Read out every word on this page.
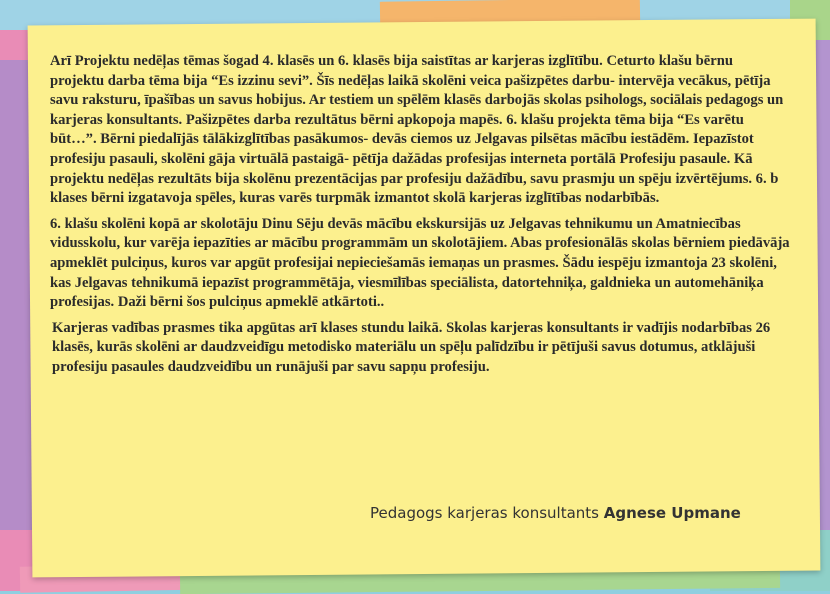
Arī Projektu nedēļas tēmas šogad 4. klasēs un 6. klasēs bija saistītas ar karjeras izglītību. Ceturto klašu bērnu projektu darba tēma bija “Es izzinu sevi”. Šīs nedēļas laikā skolēni veica pašizpētes darbu- intervēja vecākus, pētīja savu raksturu, īpašības un savus hobijus. Ar testiem un spēlēm klasēs darbojās skolas psihologs, sociālais pedagogs un karjeras konsultants. Pašizpētes darba rezultātus bērni apkopoja mapēs. 6. klašu projekta tēma bija “Es varētu būt…”. Bērni piedalījās tālākizglītības pasākumos- devās ciemos uz Jelgavas pilsētas mācību iestādēm. Iepazīstot profesiju pasauli, skolēni gāja virtuālā pastaigā- pētīja dažādas profesijas interneta portālā Profesiju pasaule. Kā projektu nedēļas rezultāts bija skolēnu prezentācijas par profesiju dažādību, savu prasmju un spēju izvērtējums. 6. b klases bērni izgatavoja spēles, kuras varēs turpmāk izmantot skolā karjeras izglītības nodarbībās.

6. klašu skolēni kopā ar skolotāju Dinu Sēju devās mācību ekskursijās uz Jelgavas tehnikumu un Amatniecības vidusskolu, kur varēja iepazīties ar mācību programmām un skolotājiem. Abas profesionālās skolas bērniem piedāvāja apmeklēt pulciņus, kuros var apgūt profesijai nepieciešamās iemaņas un prasmes. Šādu iespēju izmantoja 23 skolēni, kas Jelgavas tehnikumā iepazīst programmētāja, viesmīlības speciālista, datortehniķa, galdnieka un automehāniķa profesijas. Daži bērni šos pulciņus apmeklē atkārtoti..

Karjeras vadības prasmes tika apgūtas arī klases stundu laikā. Skolas karjeras konsultants ir vadījis nodarbības 26 klasēs, kurās skolēni ar daudzveidīgu metodisko materiālu un spēļu palīdzību ir pētījuši savus dotumus, atklājuši profesiju pasaules daudzveidību un runājuši par savu sapņu profesiju.

Pedagogs karjeras konsultants Agnese Upmane
